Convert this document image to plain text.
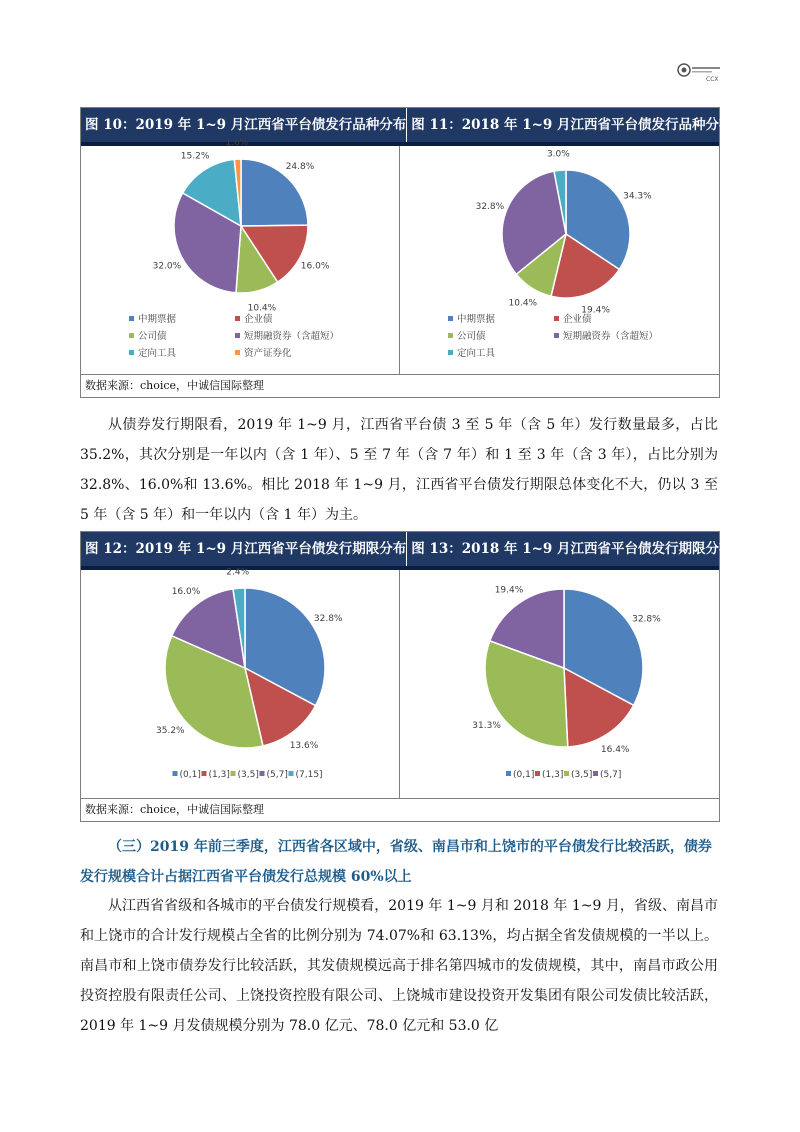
CCX
图 10：2019 年 1~9 月江西省平台债发行品种分布 图 11：2018 年 1~9 月江西省平台债发行品种分布
24.8%
16.0%
10.4%
32.0%
15.2%
1.6%
中期票据	企业债
公司债	短期融资券（含超短）
定向工具	资产证券化
34.3%
19.4%
10.4%
32.8%
3.0%
中期票据	企业债
公司债	短期融资券（含超短）
定向工具
数据来源：choice，中诚信国际整理

从债券发行期限看，2019 年 1~9 月，江西省平台债 3 至 5 年（含 5 年）发行数量最多，占比 35.2%，其次分别是一年以内（含 1 年）、5 至 7 年（含 7 年）和 1 至 3 年（含 3 年），占比分别为 32.8%、16.0%和 13.6%。相比 2018 年 1~9 月，江西省平台债发行期限总体变化不大，仍以 3 至 5 年（含 5 年）和一年以内（含 1 年）为主。

图 12：2019 年 1~9 月江西省平台债发行期限分布 图 13：2018 年 1~9 月江西省平台债发行期限分布
32.8%
13.6%
35.2%
16.0%
2.4%
(0,1] (1,3] (3,5] (5,7] (7,15]
32.8%
16.4%
31.3%
19.4%
(0,1] (1,3] (3,5] (5,7]
数据来源：choice，中诚信国际整理

（三）2019 年前三季度，江西省各区域中，省级、南昌市和上饶市的平台债发行比较活跃，债券发行规模合计占据江西省平台债发行总规模 60%以上

从江西省省级和各城市的平台债发行规模看，2019 年 1~9 月和 2018 年 1~9 月，省级、南昌市和上饶市的合计发行规模占全省的比例分别为 74.07%和 63.13%，均占据全省发债规模的一半以上。南昌市和上饶市债券发行比较活跃，其发债规模远高于排名第四城市的发债规模，其中，南昌市政公用投资控股有限责任公司、上饶投资控股有限公司、上饶城市建设投资开发集团有限公司发债比较活跃，2019 年 1~9 月发债规模分别为 78.0 亿元、78.0 亿元和 53.0 亿
